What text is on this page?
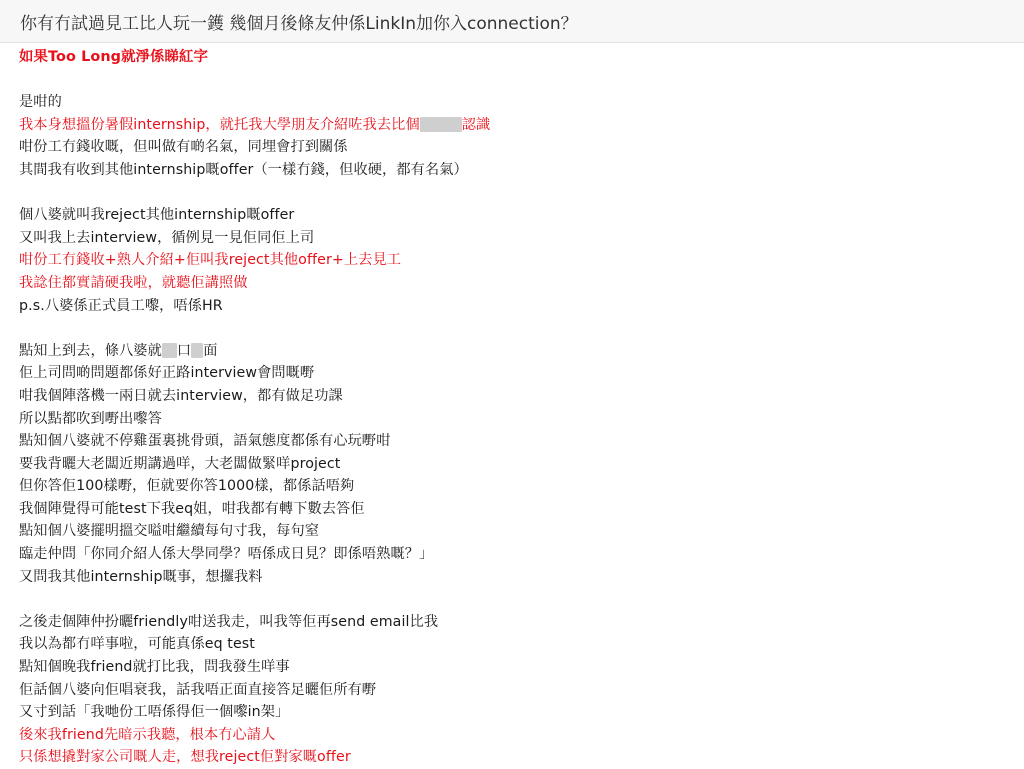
你有冇試過見工比人玩一鑊 幾個月後條友仲係LinkIn加你入connection？
如果Too Long就淨係睇紅字
是咁的
我本身想搵份暑假internship，就托我大學朋友介紹咗我去比個	認識
咁份工冇錢收嘅，但叫做有啲名氣，同埋會打到關係
其間我有收到其他internship嘅offer（一樣冇錢，但收硬，都有名氣）
個八婆就叫我reject其他internship嘅offer
又叫我上去interview，循例見一見佢同佢上司
咁份工冇錢收+熟人介紹+佢叫我reject其他offer+上去見工
我諗住都實請硬我啦，就聽佢講照做
p.s.八婆係正式員工嚟，唔係HR
點知上到去，條八婆就 口 面
佢上司問啲問題都係好正路interview會問嘅嘢
咁我個陣落機一兩日就去interview，都有做足功課
所以點都吹到嘢出嚟答
點知個八婆就不停雞蛋裏挑骨頭，語氣態度都係有心玩嘢咁
要我背曬大老闆近期講過咩，大老闆做緊咩project
但你答佢100樣嘢，佢就要你答1000樣，都係話唔夠
我個陣覺得可能test下我eq姐，咁我都有轉下數去答佢
點知個八婆擺明搵交嗌咁繼續每句寸我，每句窒
臨走仲問「你同介紹人係大學同學？唔係成日見？即係唔熟嘅？」
又問我其他internship嘅事，想攞我料
之後走個陣仲扮曬friendly咁送我走，叫我等佢再send email比我
我以為都冇咩事啦，可能真係eq test
點知個晚我friend就打比我，問我發生咩事
佢話個八婆向佢唱衰我，話我唔正面直接答足曬佢所有嘢
又寸到話「我哋份工唔係得佢一個嚟in架」
後來我friend先暗示我聽，根本冇心請人
只係想撬對家公司嘅人走，想我reject佢對家嘅offer
